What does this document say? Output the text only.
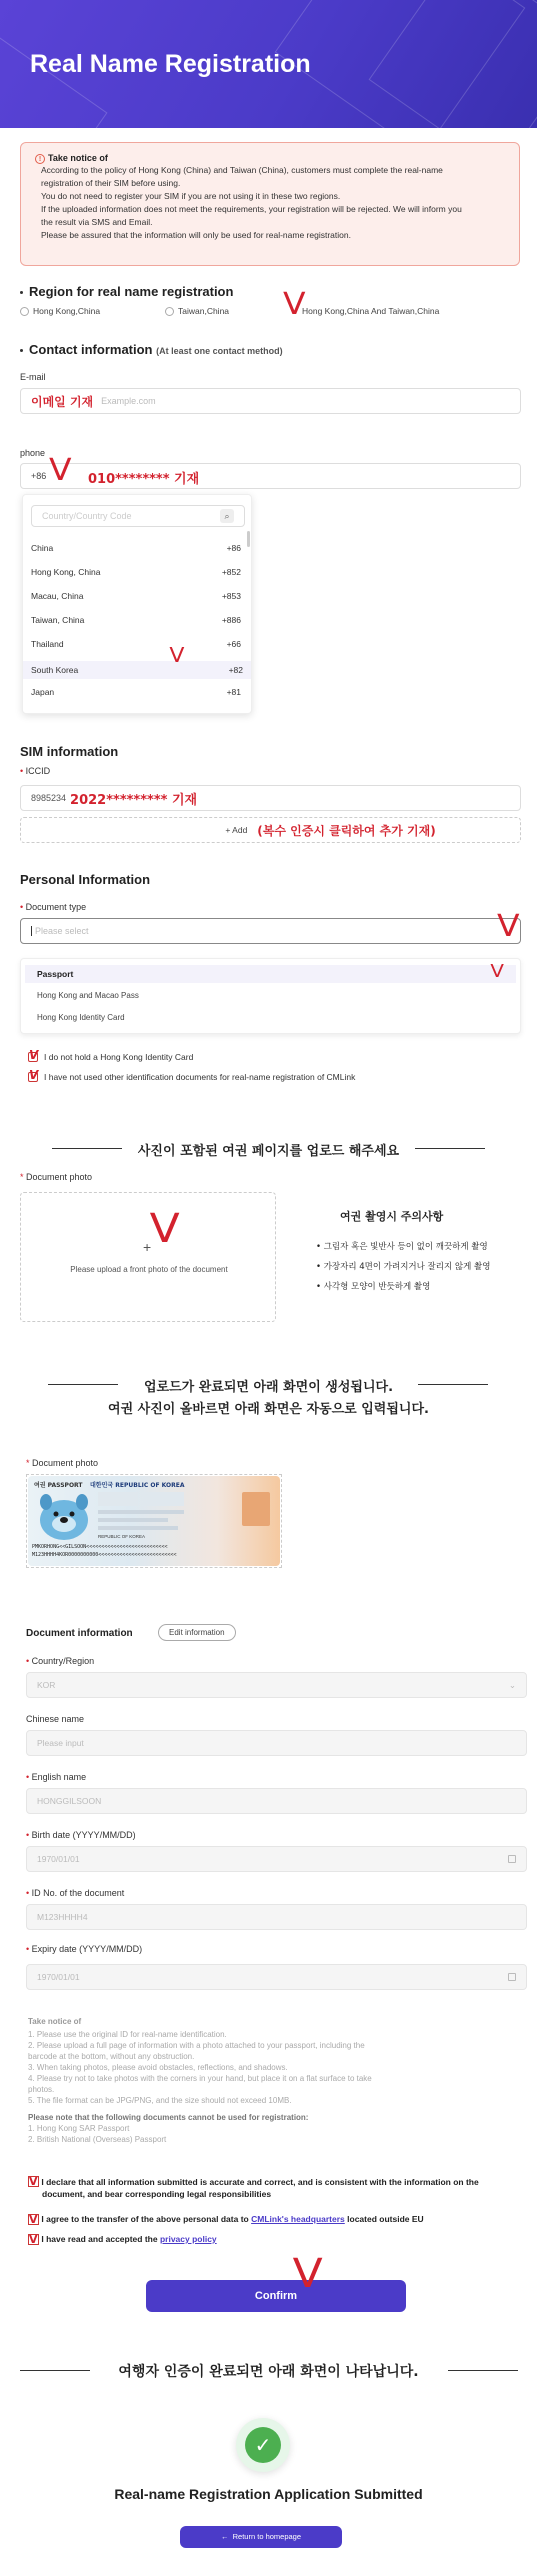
Real Name Registration
! Take notice of

According to the policy of Hong Kong (China) and Taiwan (China), customers must complete the real-name

registration of their SIM before using.

You do not need to register your SIM if you are not using it in these two regions.

If the uploaded information does not meet the requirements, your registration will be rejected. We will inform you

the result via SMS and Email.

Please be assured that the information will only be used for real-name registration.

Region for real name registration
Hong Kong,China	Taiwan,China V
Hong Kong,China And Taiwan,China
Contact information (At least one contact method)
E-mail
이메일 기재 Example.com
phone
+86 V 010******** 기재
Country/Country Code	⌕
China	+86
Hong Kong, China	+852
Macau, China	+853
Taiwan, China	+886
Thailand	+66
South Korea	+82
Japan	+81
V
SIM information
• ICCID
8985234 2022********* 기재
+ Add (복수 인증시 클릭하여 추가 기재)
Personal Information
• Document type
Please select	V
Passport	V
Hong Kong and Macao Pass
Hong Kong Identity Card
V I do not hold a Hong Kong Identity Card
V I have not used other identification documents for real-name registration of CMLink
사진이 포함된 여권 페이지를 업로드 해주세요
* Document photo
+
V
Please upload a front photo of the document
여권 촬영시 주의사항
• 그림자 혹은 빛반사 등이 없이 깨끗하게 촬영
• 가장자리 4면이 가려지거나 잘리지 않게 촬영
• 사각형 모양이 반듯하게 촬영
업로드가 완료되면 아래 화면이 생성됩니다.
여권 사진이 올바르면 아래 화면은 자동으로 입력됩니다.
* Document photo
여권 PASSPORT 대한민국 REPUBLIC OF KOREA
REPUBLIC OF KOREA
PMKORHONG<<GILSOON<<<<<<<<<<<<<<<<<<<<<<<<<<<
M123HHHH4KOR0000000000<<<<<<<<<<<<<<<<<<<<<<<<<<
Document information	Edit information
• Country/Region
KOR	⌄
Chinese name
Please input
• English name
HONGGILSOON
• Birth date (YYYY/MM/DD)
1970/01/01
• ID No. of the document
M123HHHH4
• Expiry date (YYYY/MM/DD)
1970/01/01

Take notice of

1. Please use the original ID for real-name identification.

2. Please upload a full page of information with a photo attached to your passport, including the

barcode at the bottom, without any obstruction.

3. When taking photos, please avoid obstacles, reflections, and shadows.

4. Please try not to take photos with the corners in your hand, but place it on a flat surface to take

photos.

5. The file format can be JPG/PNG, and the size should not exceed 10MB.

Please note that the following documents cannot be used for registration:

1. Hong Kong SAR Passport

2. British National (Overseas) Passport

V I declare that all information submitted is accurate and correct, and is consistent with the information on the
document, and bear corresponding legal responsibilities
V I agree to the transfer of the above personal data to CMLink's headquarters located outside EU
V I have read and accepted the privacy policy
Confirm
V
여행자 인증이 완료되면 아래 화면이 나타납니다.
✓
Real-name Registration Application Submitted
← Return to homepage
